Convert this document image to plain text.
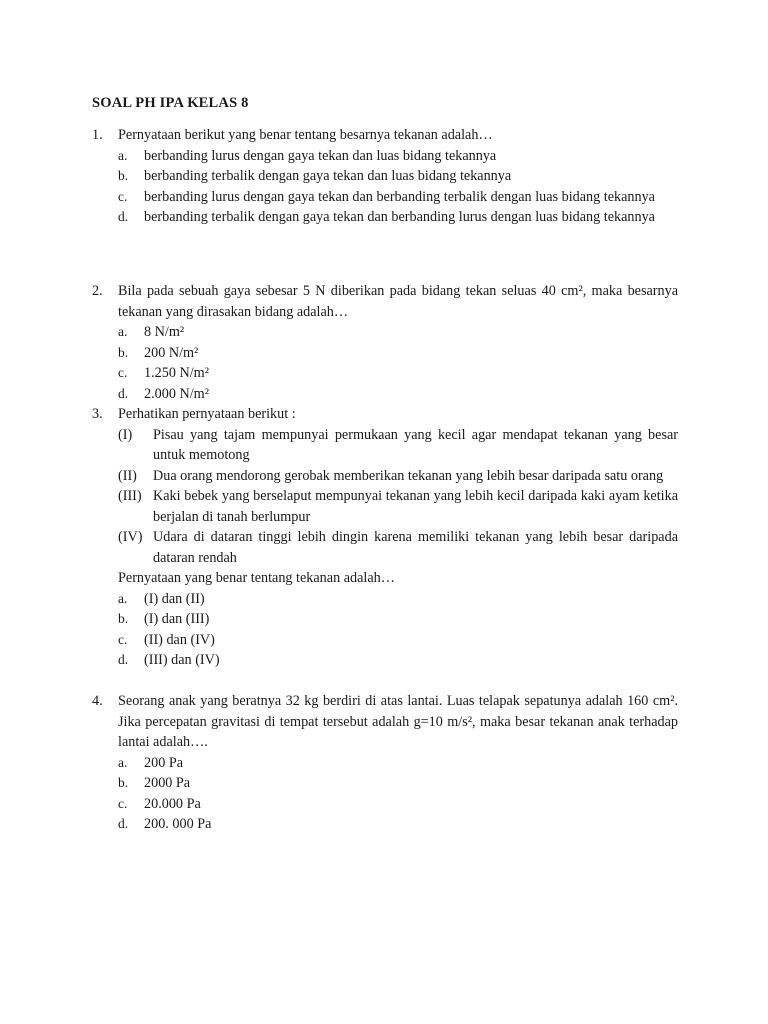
SOAL PH IPA KELAS 8
1.	Pernyataan berikut yang benar tentang besarnya tekanan adalah…
a.	berbanding lurus dengan gaya tekan dan luas bidang tekannya
b.	berbanding terbalik dengan gaya tekan dan luas bidang tekannya
c.	berbanding lurus dengan gaya tekan dan berbanding terbalik dengan luas bidang tekannya
d.	berbanding terbalik dengan gaya tekan dan berbanding lurus dengan luas bidang tekannya
2.	Bila pada sebuah gaya sebesar 5 N diberikan pada bidang tekan seluas 40 cm², maka besarnya tekanan yang dirasakan bidang adalah…
a.	8 N/m²
b.	200 N/m²
c.	1.250 N/m²
d.	2.000 N/m²
3.	Perhatikan pernyataan berikut :
(I)	Pisau yang tajam mempunyai permukaan yang kecil agar mendapat tekanan yang besar untuk memotong
(II)	Dua orang mendorong gerobak memberikan tekanan yang lebih besar daripada satu orang
(III) Kaki bebek yang berselaput mempunyai tekanan yang lebih kecil daripada kaki ayam ketika berjalan di tanah berlumpur
(IV) Udara di dataran tinggi lebih dingin karena memiliki tekanan yang lebih besar daripada dataran rendah
Pernyataan yang benar tentang tekanan adalah…
a.	(I) dan (II)
b.	(I) dan (III)
c.	(II) dan (IV)
d.	(III) dan (IV)
4.	Seorang anak yang beratnya 32 kg berdiri di atas lantai. Luas telapak sepatunya adalah 160 cm². Jika percepatan gravitasi di tempat tersebut adalah g=10 m/s², maka besar tekanan anak terhadap lantai adalah….
a.	200 Pa
b.	2000 Pa
c.	20.000 Pa
d.	200. 000 Pa
